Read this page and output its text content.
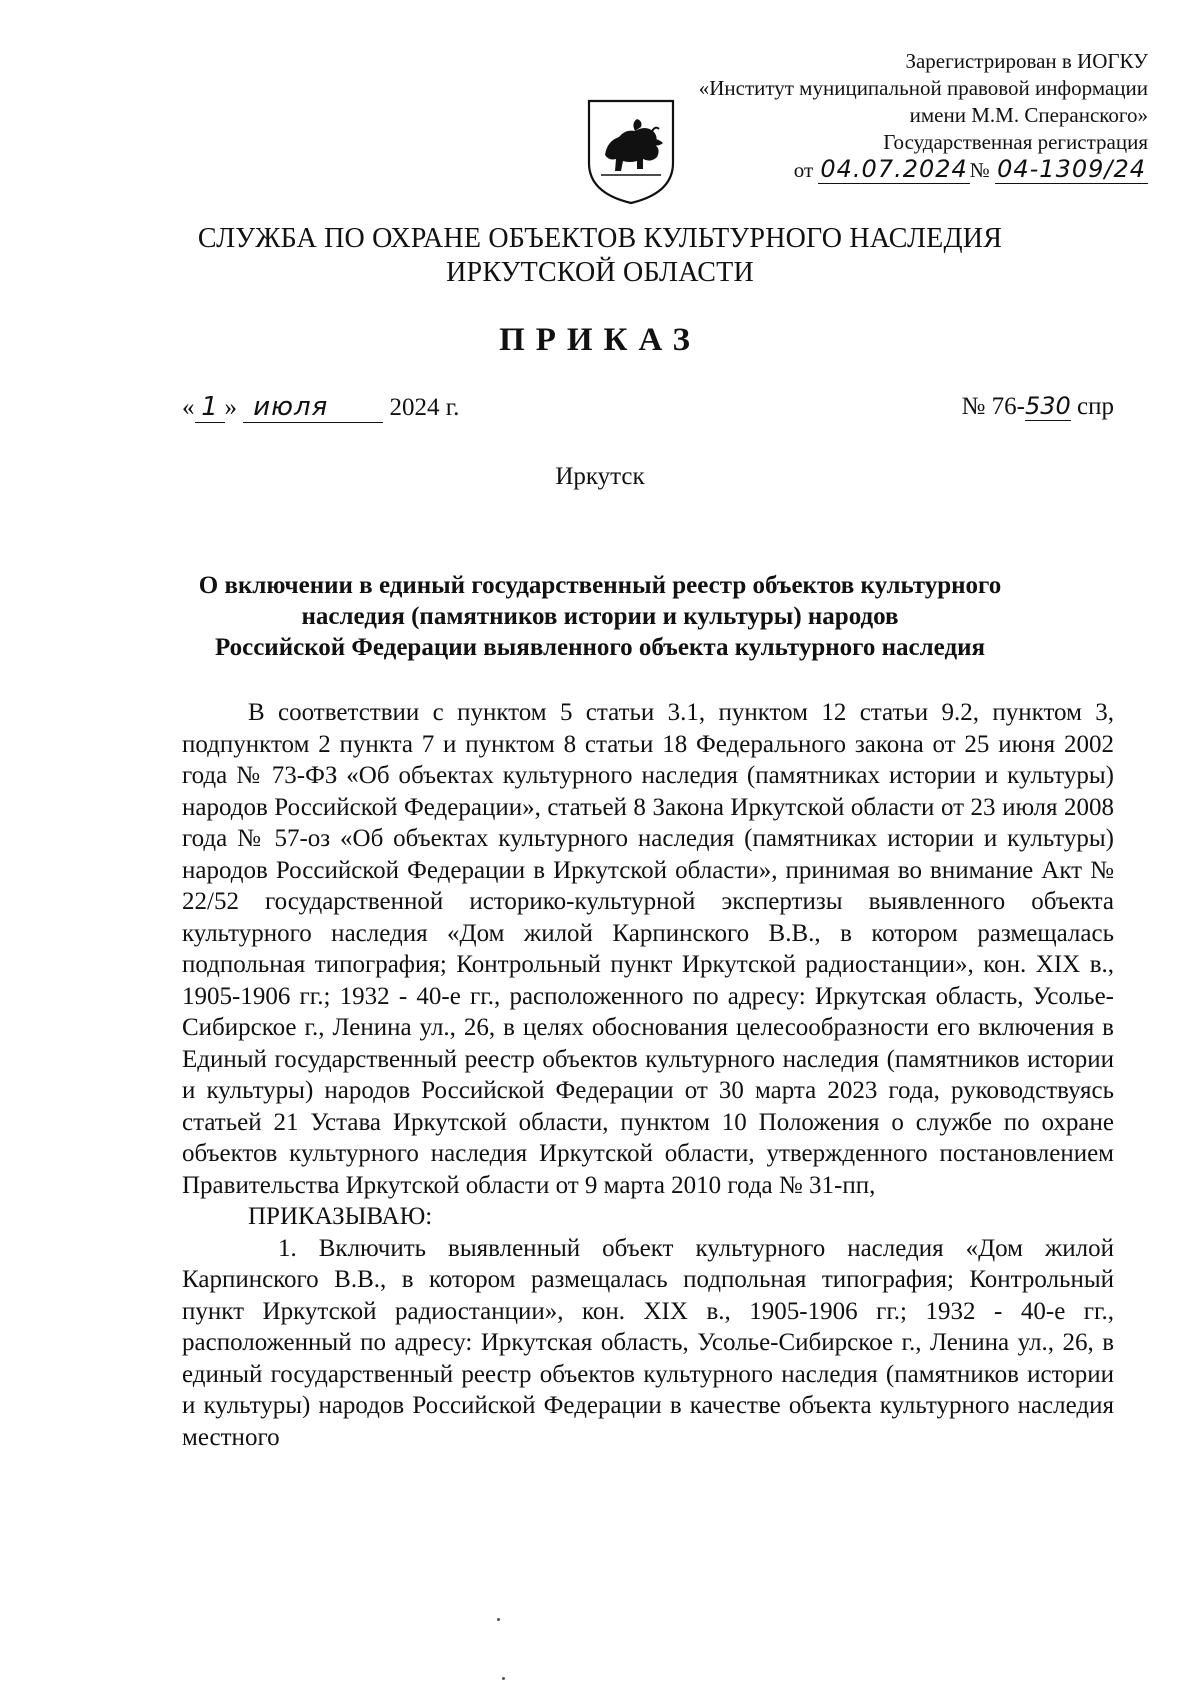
Зарегистрирован в ИОГКУ
«Институт муниципальной правовой информации
имени М.М. Сперанского»
Государственная регистрация
от 04.07.2024№ 04-1309/24
СЛУЖБА ПО ОХРАНЕ ОБЪЕКТОВ КУЛЬТУРНОГО НАСЛЕДИЯ
ИРКУТСКОЙ ОБЛАСТИ
ПРИКАЗ
« 1 » июля 2024 г.	№ 76-530 спр
Иркутск
О включении в единый государственный реестр объектов культурного
наследия (памятников истории и культуры) народов
Российской Федерации выявленного объекта культурного наследия

В соответствии с пунктом 5 статьи 3.1, пунктом 12 статьи 9.2, пунктом 3, подпунктом 2 пункта 7 и пунктом 8 статьи 18 Федерального закона от 25 июня 2002 года № 73-ФЗ «Об объектах культурного наследия (памятниках истории и культуры) народов Российской Федерации», статьей 8 Закона Иркутской области от 23 июля 2008 года № 57-оз «Об объектах культурного наследия (памятниках истории и культуры) народов Российской Федерации в Иркутской области», принимая во внимание Акт № 22/52 государственной историко-культурной экспертизы выявленного объекта культурного наследия «Дом жилой Карпинского В.В., в котором размещалась подпольная типография; Контрольный пункт Иркутской радиостанции», кон. XIX в., 1905-1906 гг.; 1932 - 40-е гг., расположенного по адресу: Иркутская область, Усолье-Сибирское г., Ленина ул., 26, в целях обоснования целесообразности его включения в Единый государственный реестр объектов культурного наследия (памятников истории и культуры) народов Российской Федерации от 30 марта 2023 года, руководствуясь статьей 21 Устава Иркутской области, пунктом 10 Положения о службе по охране объектов культурного наследия Иркутской области, утвержденного постановлением Правительства Иркутской области от 9 марта 2010 года № 31-пп,

ПРИКАЗЫВАЮ:

1. Включить выявленный объект культурного наследия «Дом жилой Карпинского В.В., в котором размещалась подпольная типография; Контрольный пункт Иркутской радиостанции», кон. XIX в., 1905-1906 гг.; 1932 - 40-е гг., расположенный по адресу: Иркутская область, Усолье-Сибирское г., Ленина ул., 26, в единый государственный реестр объектов культурного наследия (памятников истории и культуры) народов Российской Федерации в качестве объекта культурного наследия местного
